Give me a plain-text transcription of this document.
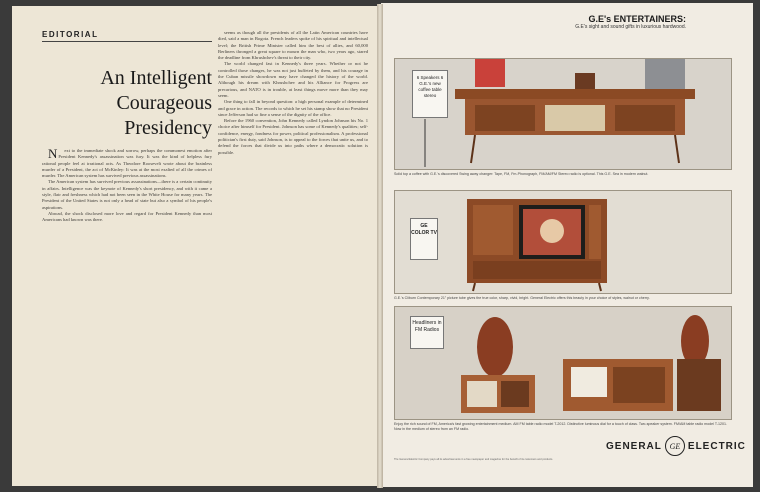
EDITORIAL
An Intelligent
Courageous
Presidency

N ext to the immediate shock and sorrow, perhaps the commonest emotion after President Kennedy's assassination was fury. It was the kind of helpless fury rational people feel at irrational acts. As Theodore Roosevelt wrote about the brainless murder of a President, the act of McKinley: It was at the most exalted of all the crimes of murder. The American system has survived previous assassinations.

The American system has survived previous assassinations—there is a certain continuity in affairs. Intelligence was the keynote of Kennedy's short presidency, and with it came a style, flair and freshness which had not been seen in the White House for many years. The President of the United States is not only a head of state but also a symbol of his people's aspirations.

Abroad, the shock disclosed more love and regard for President Kennedy than most Americans had known was there.

seems as though all the presidents of all the Latin American countries have died, said a man in Bogota. French leaders spoke of his spiritual and intellectual level; the British Prime Minister called him the best of allies, and 60,000 Berliners thronged a great square to mourn the man who, two years ago, stared the deadline from Khrushchev's threat to their city.

The world changed fast in Kennedy's three years. Whether or not he controlled those changes, he was not just buffeted by them, and his courage in the Cuban missile showdown may have changed the history of the world. Although his dream with Khrushchev and his Alliance for Progress are precarious, and NATO is in trouble, at least things move more than they may seem.

One thing to fall in beyond question: a high personal example of determined and grace in action. The records to which he set his stamp show that no President since Jefferson had so fine a sense of the dignity of the office.

Before the 1960 convention, John Kennedy called Lyndon Johnson his No. 1 choice after himself for President. Johnson has some of Kennedy's qualities; self-confidence, energy, fondness for power, political professionalism. A professional politician's first duty, said Johnson, is to appeal to the forces that unite us, and to defend the forces that divide us into paths where a democratic solution is possible.

G.E's ENTERTAINERS:
G.E's sight and sound gifts in luxurious hardwood.
6 Speakers 6 G.E.'s new coffee table stereo
Solid top a coffee with G.E.'s discovered Swing away changer: Tape, FM, Fm-Phonograph, FM/AM/FM Stereo radio is optional. This G.E. Sea in modern walnut.
GE COLOR TV
G.E.'s Cliburn Contemporary 21" picture tube gives the true color, sharp, vivid, bright. General Electric offers this beauty in your choice of styles, walnut or cherry.
Headliners in FM Radios
Enjoy the rich sound of FM, America's fast growing entertainment medium. AM FM table radio model T-2012. Distinctive luminous dial for a touch of class. Two-speaker system. FM/AM table radio model T-1201. Now in the medium of stereo from an FM radio.
The General Electric Company pays all its advertisements in a free newspaper and magazine for the benefit of its customers and products.
GENERAL GE ELECTRIC
